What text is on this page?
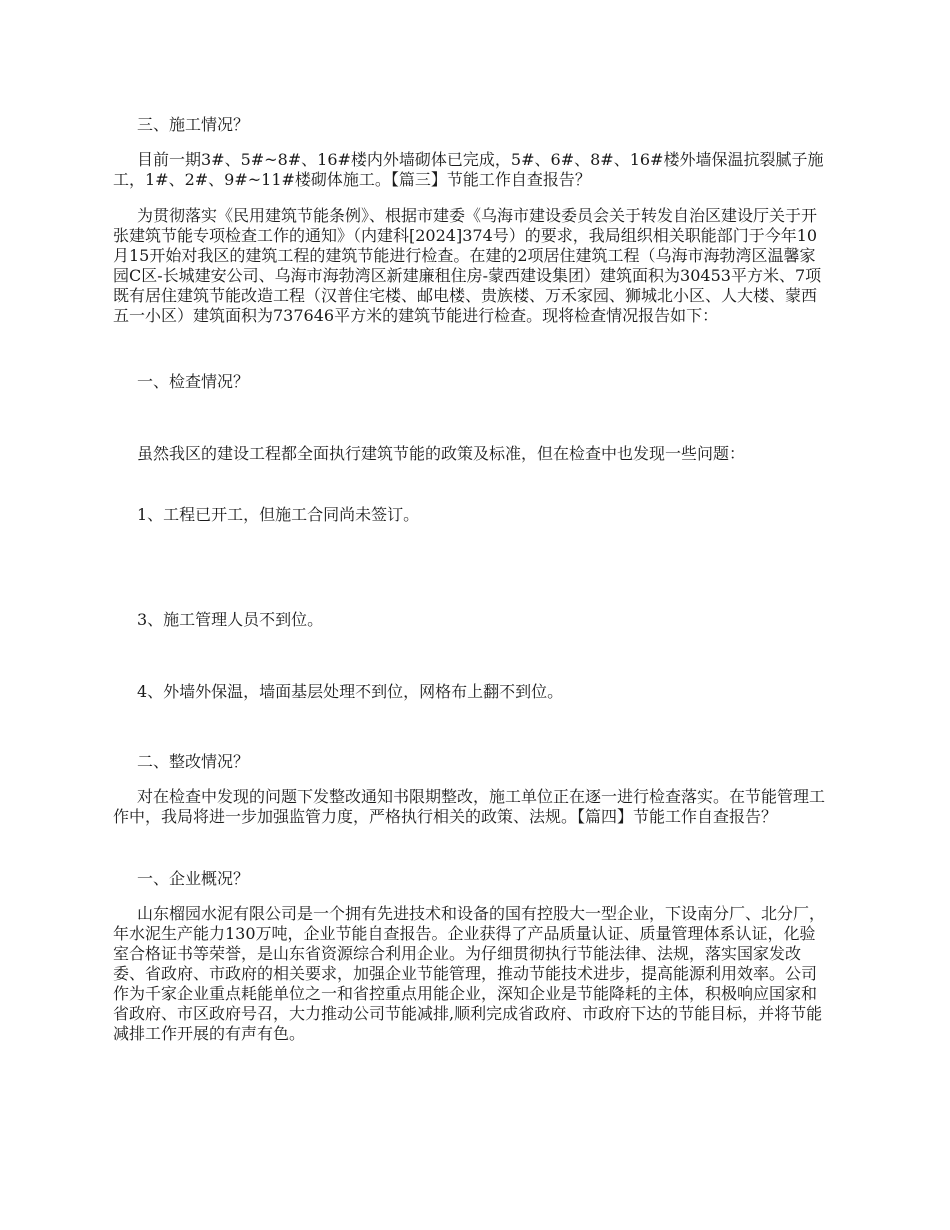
三、施工情况？

目前一期3#、5#~8#、16#楼内外墙砌体已完成，5#、6#、8#、16#楼外墙保温抗裂腻子施工，1#、2#、9#~11#楼砌体施工。【篇三】节能工作自查报告？

为贯彻落实《民用建筑节能条例》、根据市建委《乌海市建设委员会关于转发自治区建设厅关于开张建筑节能专项检查工作的通知》（内建科[2024]374号）的要求，我局组织相关职能部门于今年10月15开始对我区的建筑工程的建筑节能进行检查。在建的2项居住建筑工程（乌海市海勃湾区温馨家园C区-长城建安公司、乌海市海勃湾区新建廉租住房-蒙西建设集团）建筑面积为30453平方米、7项既有居住建筑节能改造工程（汉普住宅楼、邮电楼、贵族楼、万禾家园、狮城北小区、人大楼、蒙西五一小区）建筑面积为737646平方米的建筑节能进行检查。现将检查情况报告如下：

一、检查情况？

虽然我区的建设工程都全面执行建筑节能的政策及标准，但在检查中也发现一些问题：

1、工程已开工，但施工合同尚未签订。

3、施工管理人员不到位。

4、外墙外保温，墙面基层处理不到位，网格布上翻不到位。

二、整改情况？

对在检查中发现的问题下发整改通知书限期整改，施工单位正在逐一进行检查落实。在节能管理工作中，我局将进一步加强监管力度，严格执行相关的政策、法规。【篇四】节能工作自查报告？

一、企业概况？

山东榴园水泥有限公司是一个拥有先进技术和设备的国有控股大一型企业，下设南分厂、北分厂，年水泥生产能力130万吨，企业节能自查报告。企业获得了产品质量认证、质量管理体系认证，化验室合格证书等荣誉，是山东省资源综合利用企业。为仔细贯彻执行节能法律、法规，落实国家发改委、省政府、市政府的相关要求，加强企业节能管理，推动节能技术进步，提高能源利用效率。公司作为千家企业重点耗能单位之一和省控重点用能企业，深知企业是节能降耗的主体，积极响应国家和省政府、市区政府号召，大力推动公司节能减排,顺利完成省政府、市政府下达的节能目标，并将节能减排工作开展的有声有色。
